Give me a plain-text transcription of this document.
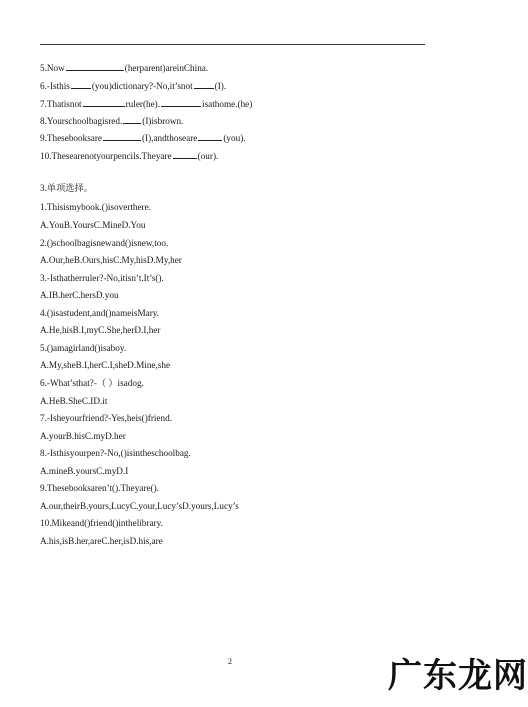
5.Now	(herparent)areinChina.
6.-Isthis (you)dictionary?-No,it’snot (I).
7.Thatisnot	ruler(he).	isathome.(he)
8.Yourschoolbagisred. (I)isbrown.
9.Thesebooksare	(I),andthoseare	(you).
10.Thesearenotyourpencils.Theyare	(our).
3.单项选择。
1.Thisismybook.()isoverthere.
A.YouB.YoursC.MineD.You
2.()schoolbagisnewand()isnew,too.
A.Our,heB.Ours,hisC.My,hisD.My,her
3.-Isthatherruler?-No,itisn’t.It’s().
A.IB.herC.hersD.you
4.()isastudent,and()nameisMary.
A.He,hisB.I,myC.She,herD.I,her
5.()amagirland()isaboy.
A.My,sheB.I,herC.I,sheD.Mine,she
6.-What’sthat?-（ ）isadog.
A.HeB.SheC.ID.it
7.-Isheyourfriend?-Yes,heis()friend.
A.yourB.hisC.myD.her
8.-Isthisyourpen?-No,()isintheschoolbag.
A.mineB.yoursC.myD.I
9.Thesebooksaren’t().Theyare().
A.our,theirB.yours,LucyC.your,Lucy’sD.yours,Lucy’s
10.Mikeand()friend()inthelibrary.
A.his,isB.her,areC.her,isD.his,are
2	广东龙网
